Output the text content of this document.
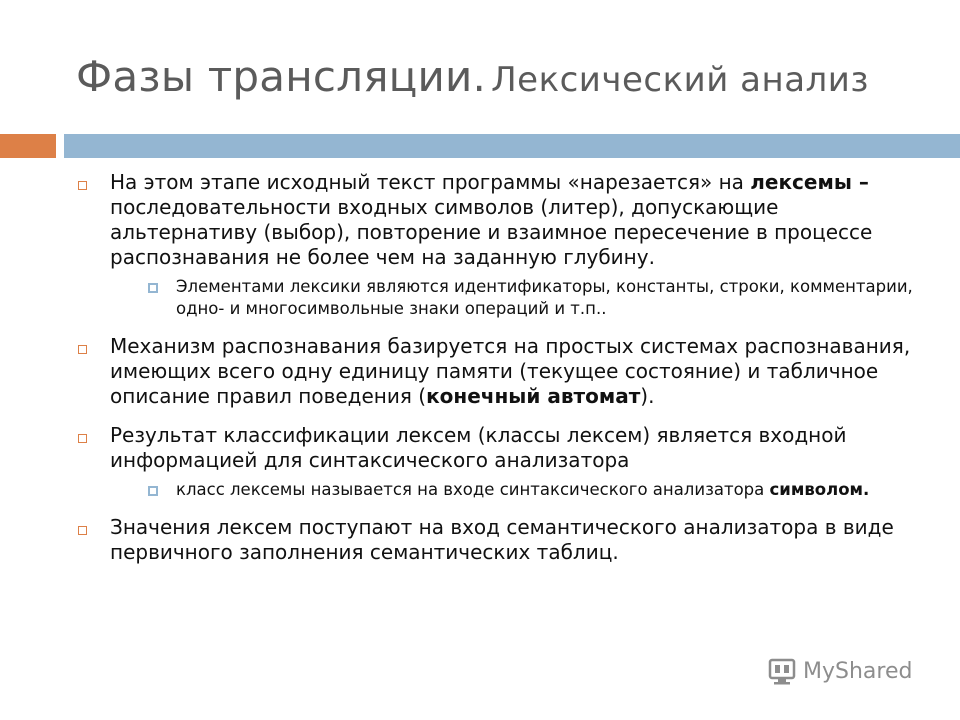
Фазы трансляции. Лексический анализ
На этом этапе исходный текст программы «нарезается» на лексемы – последовательности входных символов (литер), допускающие альтернативу (выбор), повторение и взаимное пересечение в процессе распознавания не более чем на заданную глубину.
Элементами лексики являются идентификаторы, константы, строки, комментарии, одно- и многосимвольные знаки операций и т.п..
Механизм распознавания базируется на простых системах распознавания, имеющих всего одну единицу памяти (текущее состояние) и табличное описание правил поведения (конечный автомат).
Результат классификации лексем (классы лексем) является входной информацией для синтаксического анализатора
класс лексемы называется на входе синтаксического анализатора символом.
Значения лексем поступают на вход семантического анализатора в виде первичного заполнения семантических таблиц.
MyShared
